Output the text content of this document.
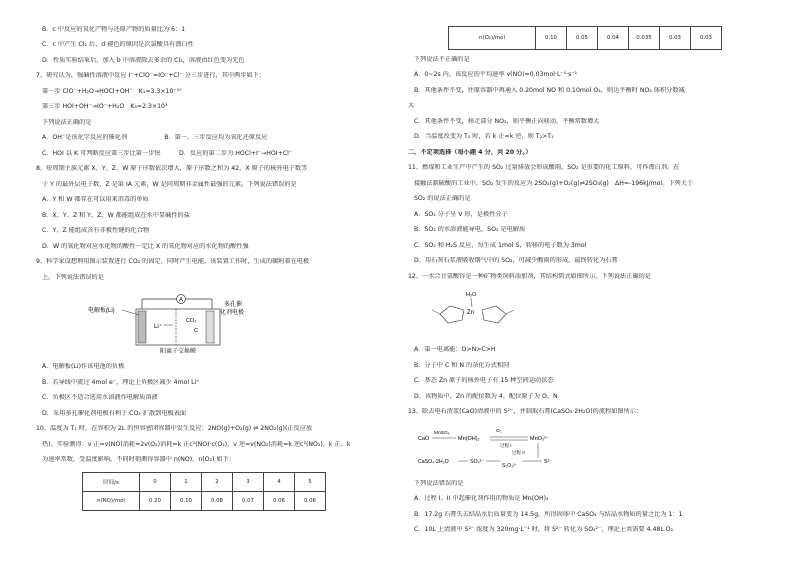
B．c 中反应的氧化产物与还原产物的质量比为 6：1
C．c 中产生 Cl₂ 后，d 褪色的原因是次氯酸具有漂白性
D．性质实验结束后，加入 b 中溶液除去多余的 Cl₂，溶液由红色变为无色
7、研究认为，强碱性溶液中反应 I⁻+ClO⁻=IO⁻+Cl⁻ 分三步进行，其中两步如下：
第一步 ClO⁻+H₂O→HOCl+OH⁻　K₁=3.3×10⁻¹⁰
第三步 HOI+OH⁻→IO⁻+H₂O　K₃=2.3×10³
下列说法正确的是
A．OH⁻是该化学反应的催化剂　　　　　　B．第一、三步反应均为氧化还原反应
C．HOI 以 K 可判断反应第三步比第一步快　　　D．反应的第二步为 HOCl+I⁻→HOI+Cl⁻
8、短周期主族元素 X、Y、Z、W 原子序数依次增大，原子序数之和为 42，X 原子的核外电子数等
于 Y 的最外层电子数，Z 是第 IA 元素，W 是同周期非金属性最强的元素。下列说法错误的是
A．Y 和 W 都存在可以用来消毒的单质
B．X、Y、Z 和 Y、Z、W 都能组成在水中显碱性的盐
C．Y、Z 能组成含有非极性键的化合物
D．W 的氧化物对应水化物的酸性一定比 X 的氧化物对应的水化物的酸性强
9、科学家设想利用图示装置进行 CO₂ 的固定，同时产生电能，该装置工作时，生成的碳附着在电极
上。下列说法错误的是
A
电解板(Li)
多孔催
化剂电极
Li⁺
CO₂
C
阳离子交换膜
A．电解板(Li)作该电池的负极
B．若导线中流过 4mol e⁻，理论上负极区减少 4mol Li⁺
C．负极区不适合选用水溶液作电解质溶液
D．采用多孔催化剂电极有利于 CO₂ 扩散到电极表面
10、温度为 T₁ 时，在容积为 2L 的恒容密闭容器中发生反应：2NO(g)+O₂(g) ⇌ 2NO₂(g)(正反应放
热)。实验测得：v 正=v(NO)消耗=2v(O₂)消耗=k 正c²(NO)·c(O₂)，v 逆=v(NO₂)消耗=k 逆c²(NO₂)，k 正、k
为速率常数，受温度影响。不同时刻测得容器中 n(NO)、n(O₂) 如下：
时间/s	0	1	2	3	4	5
n(NO)/mol	0.20	0.10	0.08	0.07	0.06	0.06
n(O₂)/mol	0.10	0.05	0.04	0.035	0.03	0.03
下列说法不正确的是
A．0~2s 内，该反应的平均速率 v(NO)=0.03mol·L⁻¹·s⁻¹
B．其他条件不变，往原容器中再通入 0.20mol NO 和 0.10mol O₂，则达平衡时 NO₂ 体积分数减
大
C．其他条件不变，移走部分 NO₂，则平衡正向移动，平衡常数增大
D．当温度改变为 T₂ 时，若 k 正=k 逆，则 T₂>T₁
二、不定项选择（每小题 4 分，共 20 分。）
11、燃煤和工业生产中产生的 SO₂ 过量排放会形成酸雨。SO₂ 是重要的化工原料，可作漂白剂。在
接触法制硫酸的工业中，SO₂ 发生的反应为 2SO₂(g)+O₂(g)⇌2SO₃(g)　ΔH=-196kJ/mol。下列关于
SO₂ 的说法正确的是
A．SO₂ 分子呈 V 形，是极性分子
B．SO₂ 的水溶液能导电，SO₂ 是电解质
C．SO₂ 和 H₂S 反应，每生成 1mol S，转移的电子数为 3mol
D．用石灰石浆液吸收烟气中的 SO₂，可减少酸雨的形成，最终转化为石膏
12、一水合甘氨酸锌是一种矿物类饲料添加剂，其结构简式如图所示。下列说法正确的是
H₂O
Zn
A．第一电离能：O>N>C>H
B．分子中 C 和 N 的杂化方式相同
C．基态 Zn 原子的核外电子有 15 种空间运动状态
D．该物质中，Zn 的配位数为 4，配位原子为 O、N
13、除去电石渣浆(CaO)清液中的 S²⁻，并制取石膏(CaSO₄·2H₂O)的流程如图所示：
CaO
MnSO₄
Mn(OH)₂
O₂
过程 I
MnO₃²⁻
CaSO₄·2H₂O	SO₄²⁻
S₂O₃²⁻
过程 II
S²⁻
下列说法错误的是
A．过程 I、II 中起催化剂作用的物质是 Mn(OH)₂
B．17.2g 石膏失去结晶水后质量变为 14.5g，所得固体中 CaSO₄ 与结晶水物质的量之比为 1：1
C．10L 上清液中 S²⁻ 浓度为 320mg·L⁻¹ 时，将 S²⁻ 转化为 SO₄²⁻，理论上共需要 4.48L O₂
